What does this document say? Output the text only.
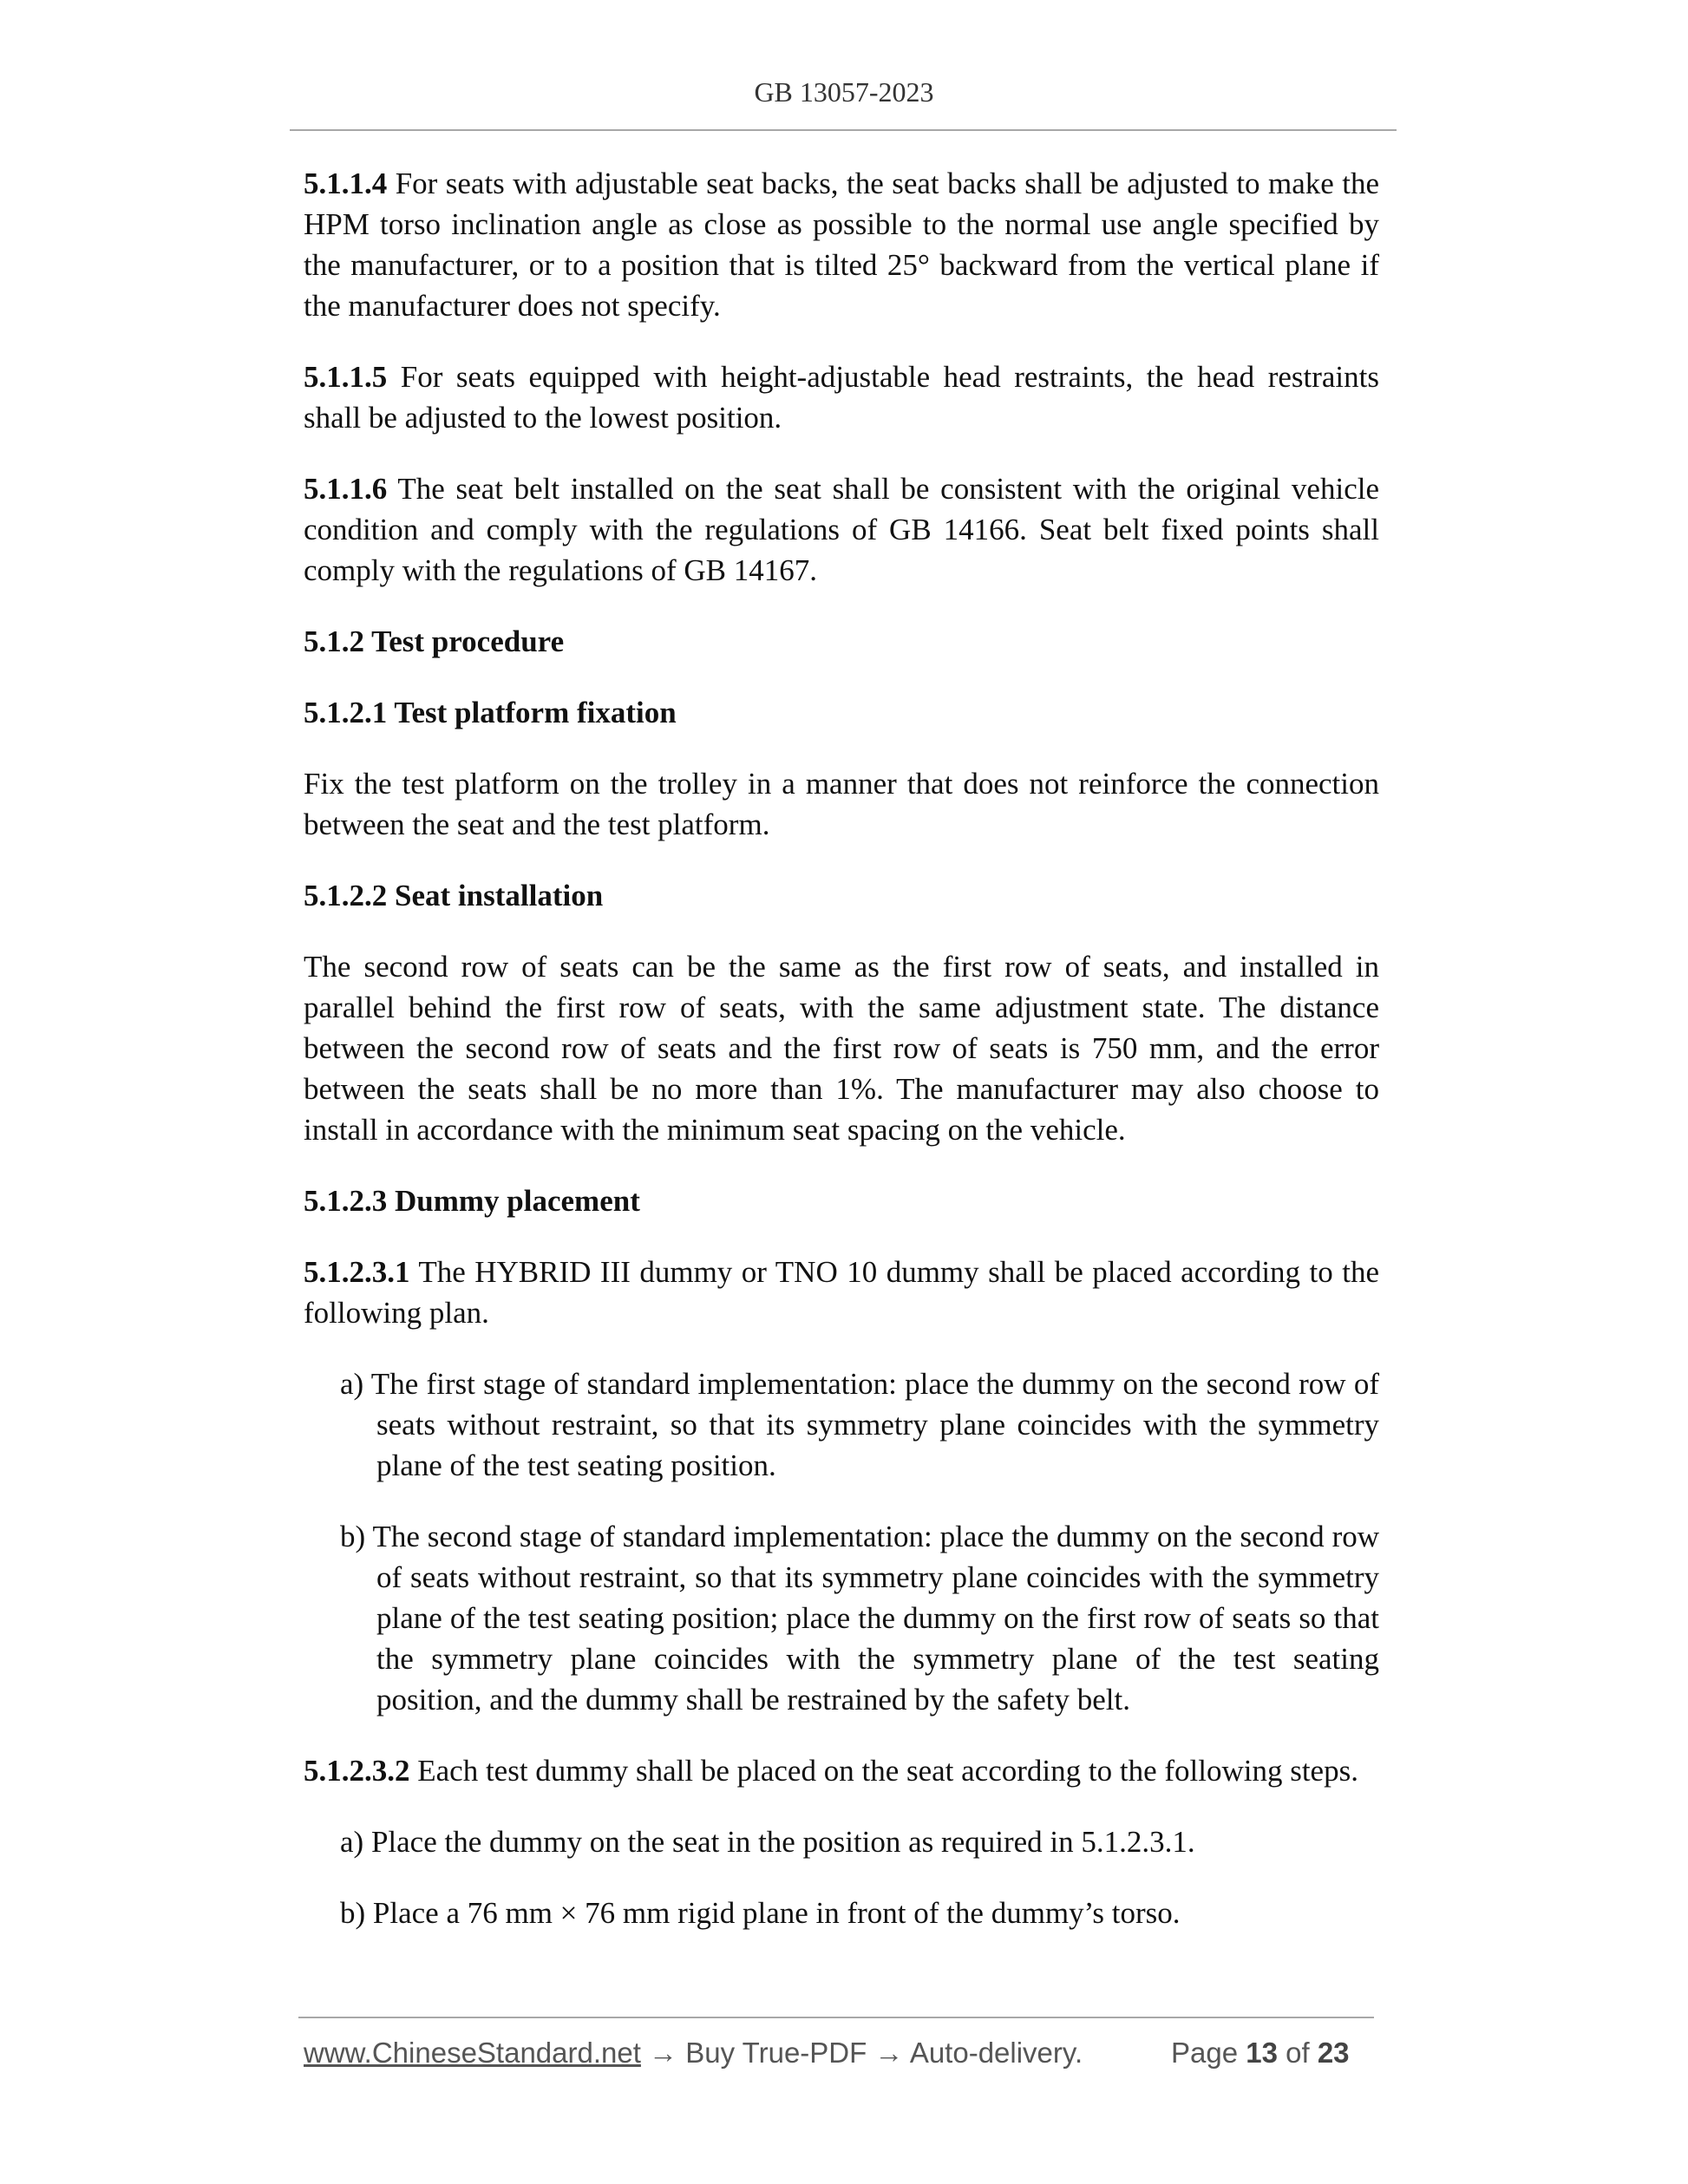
GB 13057-2023

5.1.1.4 For seats with adjustable seat backs, the seat backs shall be adjusted to make the HPM torso inclination angle as close as possible to the normal use angle specified by the manufacturer, or to a position that is tilted 25° backward from the vertical plane if the manufacturer does not specify.

5.1.1.5 For seats equipped with height-adjustable head restraints, the head restraints shall be adjusted to the lowest position.

5.1.1.6 The seat belt installed on the seat shall be consistent with the original vehicle condition and comply with the regulations of GB 14166. Seat belt fixed points shall comply with the regulations of GB 14167.

5.1.2 Test procedure

5.1.2.1 Test platform fixation

Fix the test platform on the trolley in a manner that does not reinforce the connection between the seat and the test platform.

5.1.2.2 Seat installation

The second row of seats can be the same as the first row of seats, and installed in parallel behind the first row of seats, with the same adjustment state. The distance between the second row of seats and the first row of seats is 750 mm, and the error between the seats shall be no more than 1%. The manufacturer may also choose to install in accordance with the minimum seat spacing on the vehicle.

5.1.2.3 Dummy placement

5.1.2.3.1 The HYBRID III dummy or TNO 10 dummy shall be placed according to the following plan.

a) The first stage of standard implementation: place the dummy on the second row of seats without restraint, so that its symmetry plane coincides with the symmetry plane of the test seating position.

b) The second stage of standard implementation: place the dummy on the second row of seats without restraint, so that its symmetry plane coincides with the symmetry plane of the test seating position; place the dummy on the first row of seats so that the symmetry plane coincides with the symmetry plane of the test seating position, and the dummy shall be restrained by the safety belt.

5.1.2.3.2 Each test dummy shall be placed on the seat according to the following steps.

a) Place the dummy on the seat in the position as required in 5.1.2.3.1.

b) Place a 76 mm × 76 mm rigid plane in front of the dummy’s torso.

www.ChineseStandard.net → Buy True-PDF → Auto-delivery.	Page 13 of 23
